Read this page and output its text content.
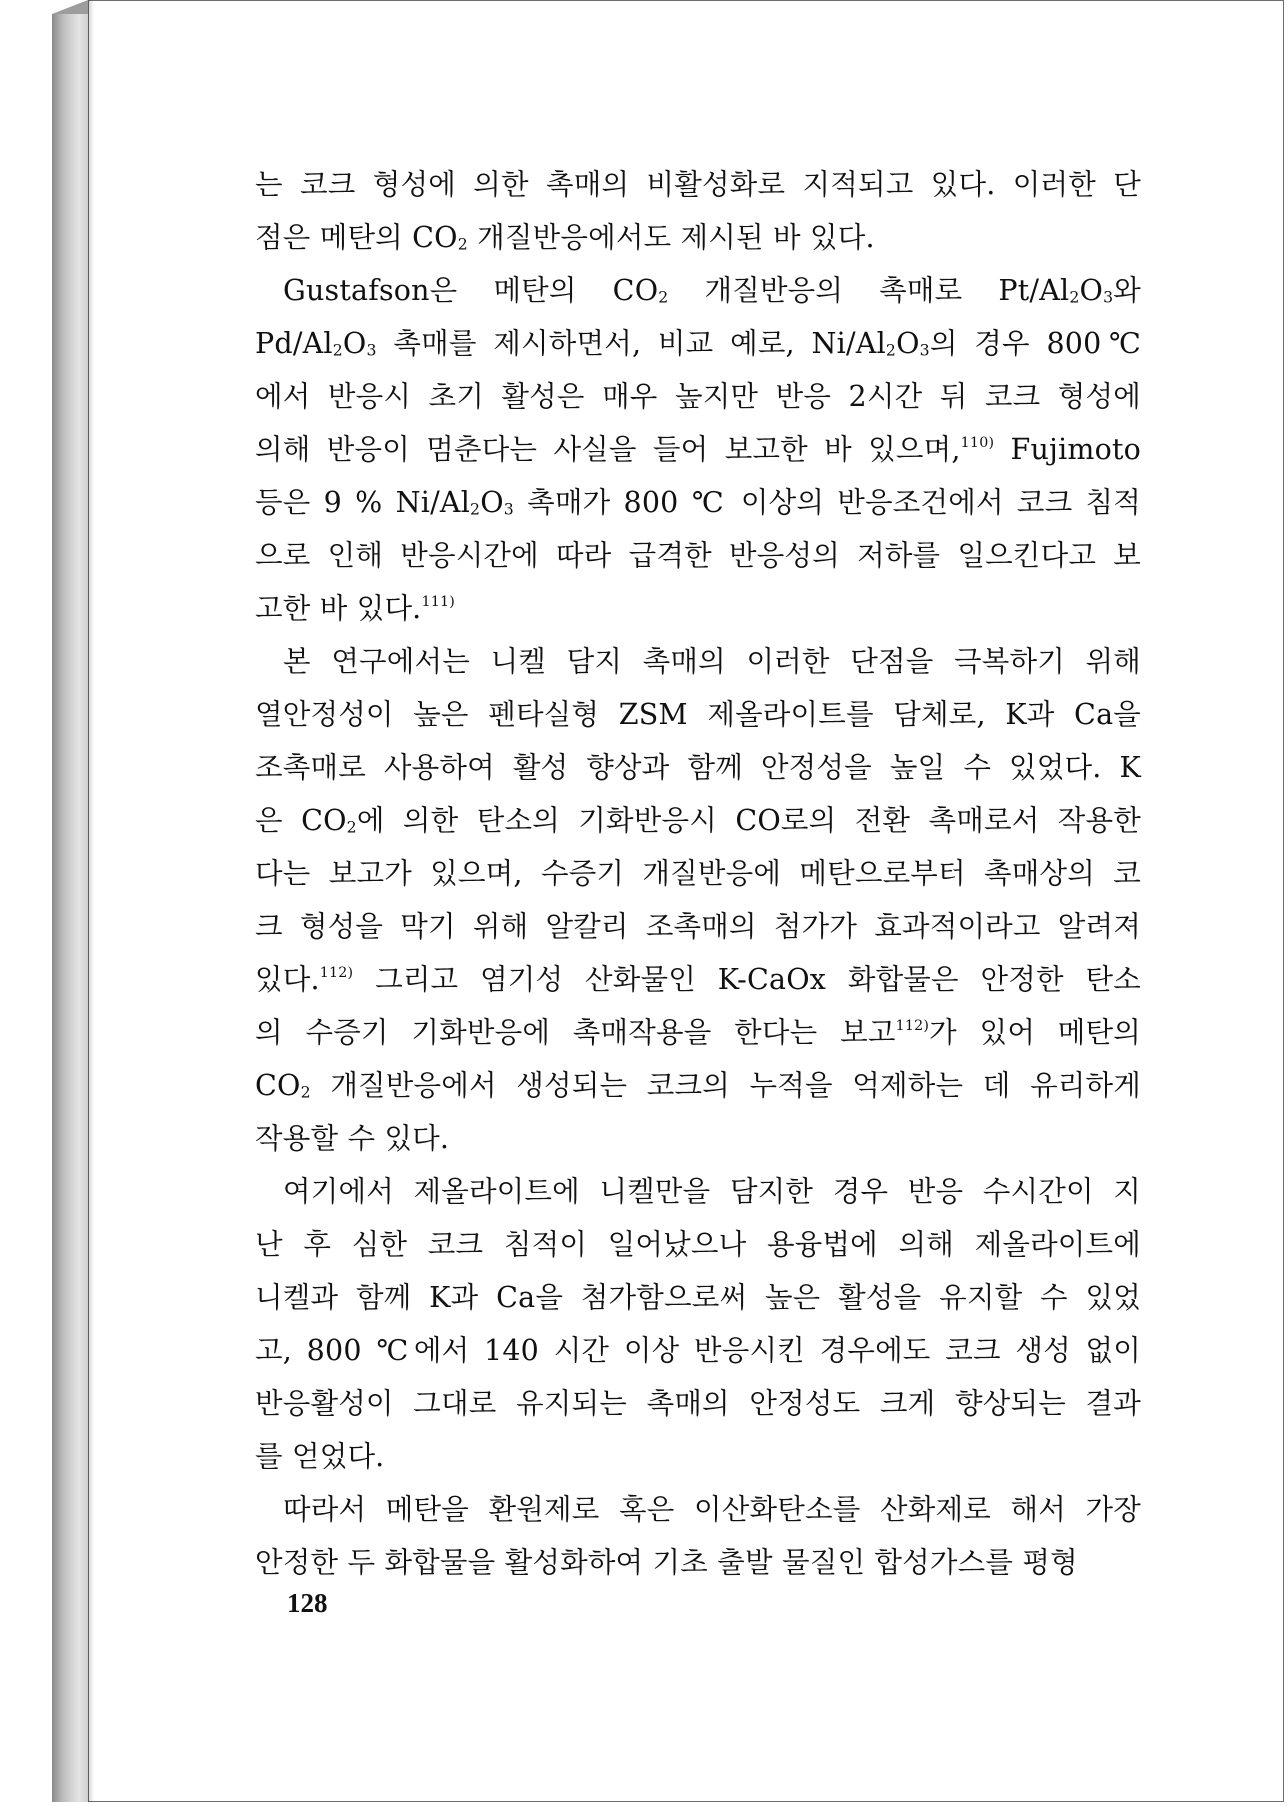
는 코크 형성에 의한 촉매의 비활성화로 지적되고 있다. 이러한 단
점은 메탄의 $CO_2$ 개질반응에서도 제시된 바 있다.
Gustafson은 메탄의 $CO_2$ 개질반응의 촉매로 $Pt/Al_2O_3$와
$Pd/Al_2O_3$ 촉매를 제시하면서, 비교 예로, $Ni/Al_2O_3$의 경우 800℃
에서 반응시 초기 활성은 매우 높지만 반응 2시간 뒤 코크 형성에
의해 반응이 멈춘다는 사실을 들어 보고한 바 있으며,$^{110)}$ Fujimoto
등은 9 % $Ni/Al_2O_3$ 촉매가 800 ℃ 이상의 반응조건에서 코크 침적
으로 인해 반응시간에 따라 급격한 반응성의 저하를 일으킨다고 보
고한 바 있다.$^{111)}$
본 연구에서는 니켈 담지 촉매의 이러한 단점을 극복하기 위해
열안정성이 높은 펜타실형 ZSM 제올라이트를 담체로, K과 Ca을
조촉매로 사용하여 활성 향상과 함께 안정성을 높일 수 있었다. K
은 $CO_2$에 의한 탄소의 기화반응시 CO로의 전환 촉매로서 작용한
다는 보고가 있으며, 수증기 개질반응에 메탄으로부터 촉매상의 코
크 형성을 막기 위해 알칼리 조촉매의 첨가가 효과적이라고 알려져
있다.$^{112)}$ 그리고 염기성 산화물인 K-CaOx 화합물은 안정한 탄소
의 수증기 기화반응에 촉매작용을 한다는 보고$^{112)}$가 있어 메탄의
$CO_2$ 개질반응에서 생성되는 코크의 누적을 억제하는 데 유리하게
작용할 수 있다.
여기에서 제올라이트에 니켈만을 담지한 경우 반응 수시간이 지
난 후 심한 코크 침적이 일어났으나 용융법에 의해 제올라이트에
니켈과 함께 K과 Ca을 첨가함으로써 높은 활성을 유지할 수 있었
고, 800 ℃에서 140 시간 이상 반응시킨 경우에도 코크 생성 없이
반응활성이 그대로 유지되는 촉매의 안정성도 크게 향상되는 결과
를 얻었다.
따라서 메탄을 환원제로 혹은 이산화탄소를 산화제로 해서 가장
안정한 두 화합물을 활성화하여 기초 출발 물질인 합성가스를 평형
128
